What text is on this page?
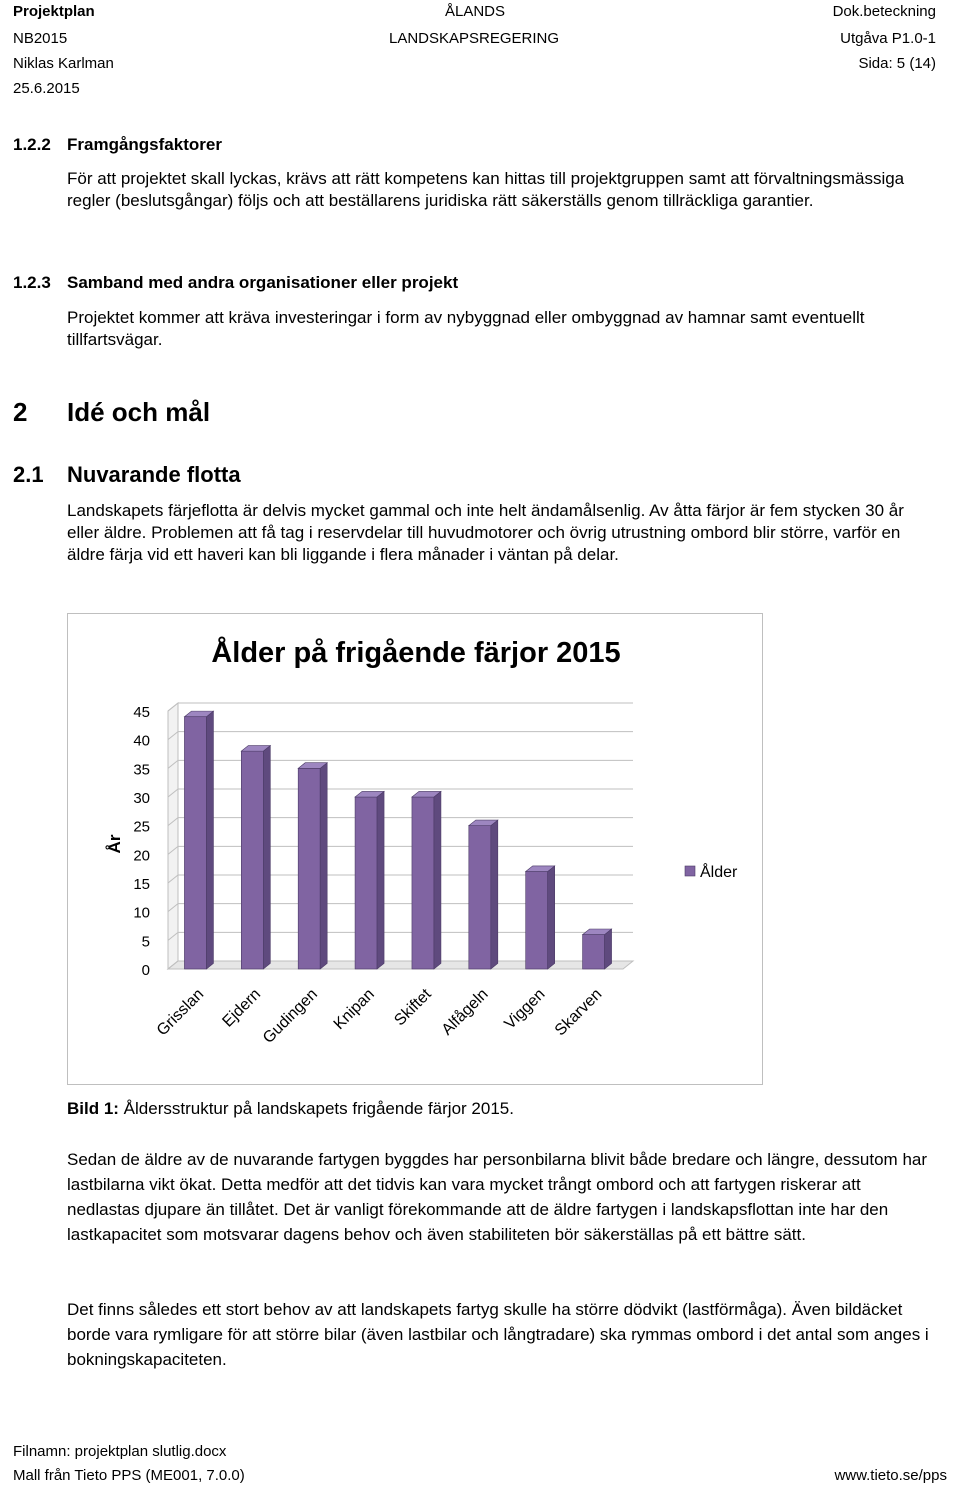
Projektplan
NB2015
Niklas Karlman
25.6.2015
ÅLANDS
LANDSKAPSREGERING
Dok.beteckning
Utgåva P1.0-1
Sida: 5 (14)
1.2.2 Framgångsfaktorer
För att projektet skall lyckas, krävs att rätt kompetens kan hittas till projektgruppen samt att förvaltningsmässiga regler (beslutsgångar) följs och att beställarens juridiska rätt säkerställs genom tillräckliga garantier.
1.2.3 Samband med andra organisationer eller projekt
Projektet kommer att kräva investeringar i form av nybyggnad eller ombyggnad av hamnar samt eventuellt tillfartsvägar.
2 Idé och mål
2.1 Nuvarande flotta
Landskapets färjeflotta är delvis mycket gammal och inte helt ändamålsenlig. Av åtta färjor är fem stycken 30 år eller äldre. Problemen att få tag i reservdelar till huvudmotorer och övrig utrustning ombord blir större, varför en äldre färja vid ett haveri kan bli liggande i flera månader i väntan på delar.
Ålder på frigående färjor 2015
0
5
10
15
20
25
30
35
40
45
Grisslan Ejdern
Gudingen Knipan Skiftet Alfågeln Viggen Skarven
År
Ålder
Bild 1: Åldersstruktur på landskapets frigående färjor 2015.
Sedan de äldre av de nuvarande fartygen byggdes har personbilarna blivit både bredare och längre, dessutom har lastbilarna vikt ökat. Detta medför att det tidvis kan vara mycket trångt ombord och att fartygen riskerar att nedlastas djupare än tillåtet. Det är vanligt förekommande att de äldre fartygen i landskapsflottan inte har den lastkapacitet som motsvarar dagens behov och även stabiliteten bör säkerställas på ett bättre sätt.
Det finns således ett stort behov av att landskapets fartyg skulle ha större dödvikt (lastförmåga). Även bildäcket borde vara rymligare för att större bilar (även lastbilar och långtradare) ska rymmas ombord i det antal som anges i bokningskapaciteten.
Filnamn: projektplan slutlig.docx
Mall från Tieto PPS (ME001, 7.0.0)	www.tieto.se/pps
